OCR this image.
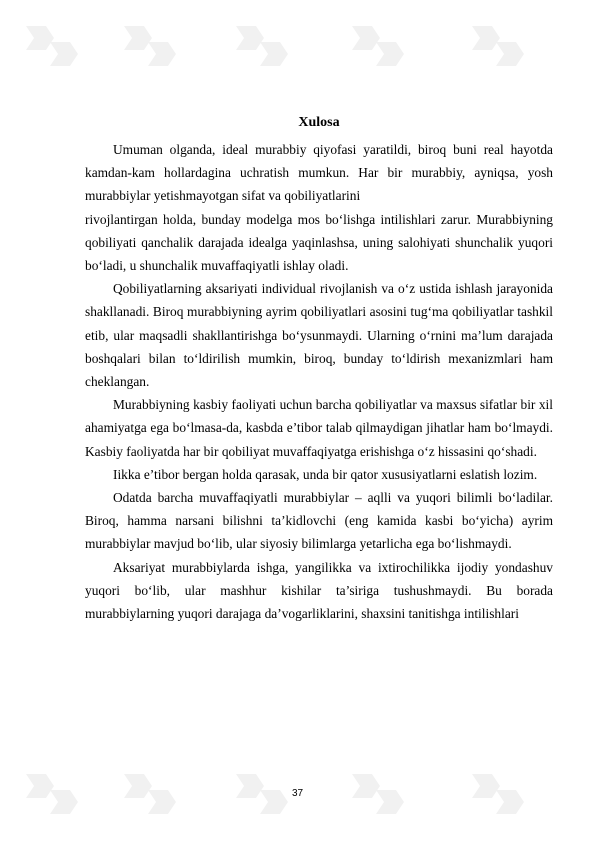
Xulosa

Umuman olganda, ideal murabbiy qiyofasi yaratildi, biroq buni real hayotda kamdan-kam hollardagina uchratish mumkun. Har bir murabbiy, ayniqsa, yosh murabbiylar yetishmayotgan sifat va qobiliyatlarini

rivojlantirgan holda, bunday modelga mos bo‘lishga intilishlari zarur. Murabbiyning qobiliyati qanchalik darajada idealga yaqinlashsa, uning salohiyati shunchalik yuqori bo‘ladi, u shunchalik muvaffaqiyatli ishlay oladi.

Qobiliyatlarning aksariyati individual rivojlanish va o‘z ustida ishlash jarayonida shakllanadi. Biroq murabbiyning ayrim qobiliyatlari asosini tug‘ma qobiliyatlar tashkil etib, ular maqsadli shakllantirishga bo‘ysunmaydi. Ularning o‘rnini ma’lum darajada boshqalari bilan to‘ldirilish mumkin, biroq, bunday to‘ldirish mexanizmlari ham cheklangan.

Murabbiyning kasbiy faoliyati uchun barcha qobiliyatlar va maxsus sifatlar bir xil ahamiyatga ega bo‘lmasa-da, kasbda e’tibor talab qilmaydigan jihatlar ham bo‘lmaydi. Kasbiy faoliyatda har bir qobiliyat muvaffaqiyatga erishishga o‘z hissasini qo‘shadi.

Iikka e’tibor bergan holda qarasak, unda bir qator xususiyatlarni eslatish lozim.

Odatda barcha muvaffaqiyatli murabbiylar – aqlli va yuqori bilimli bo‘ladilar. Biroq, hamma narsani bilishni ta’kidlovchi (eng kamida kasbi bo‘yicha) ayrim murabbiylar mavjud bo‘lib, ular siyosiy bilimlarga yetarlicha ega bo‘lishmaydi.

Aksariyat murabbiylarda ishga, yangilikka va ixtirochilikka ijodiy yondashuv yuqori bo‘lib, ular mashhur kishilar ta’siriga tushushmaydi. Bu borada murabbiylarning yuqori darajaga da’vogarliklarini, shaxsini tanitishga intilishlari

37
